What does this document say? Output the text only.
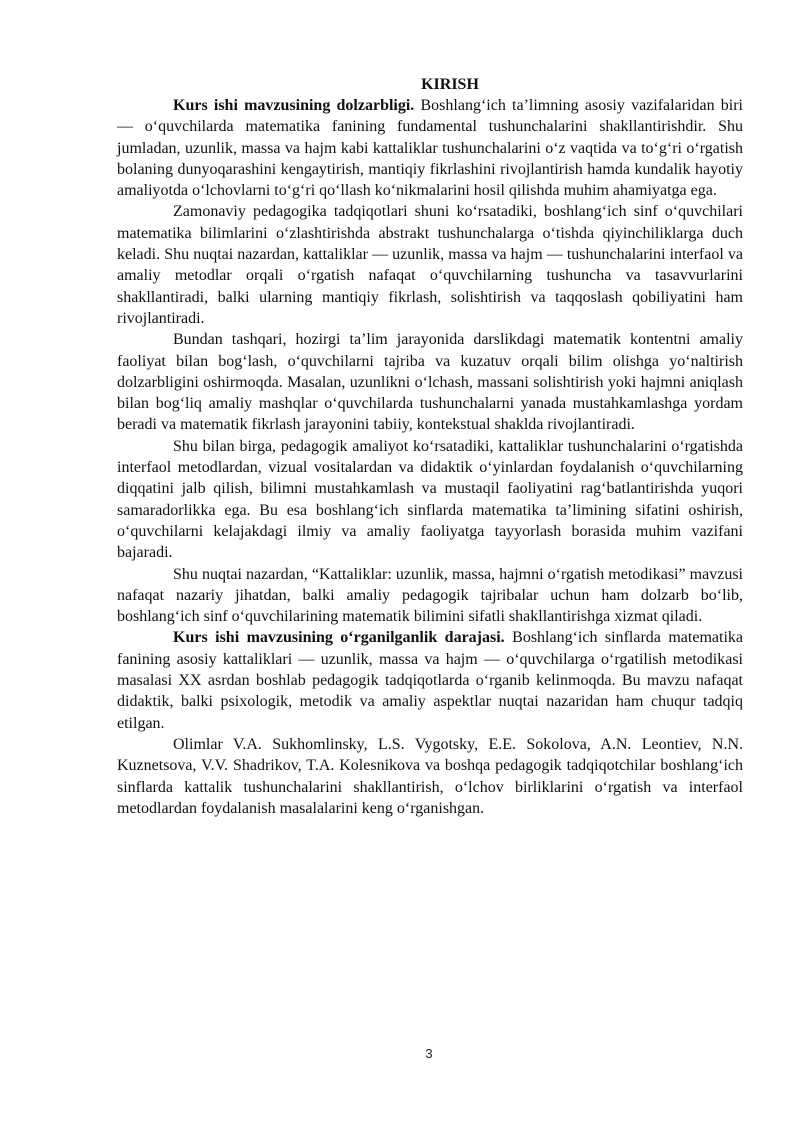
KIRISH

Kurs ishi mavzusining dolzarbligi. Boshlang‘ich ta’limning asosiy vazifalaridan biri — o‘quvchilarda matematika fanining fundamental tushunchalarini shakllantirishdir. Shu jumladan, uzunlik, massa va hajm kabi kattaliklar tushunchalarini o‘z vaqtida va to‘g‘ri o‘rgatish bolaning dunyoqarashini kengaytirish, mantiqiy fikrlashini rivojlantirish hamda kundalik hayotiy amaliyotda o‘lchovlarni to‘g‘ri qo‘llash ko‘nikmalarini hosil qilishda muhim ahamiyatga ega.

Zamonaviy pedagogika tadqiqotlari shuni ko‘rsatadiki, boshlang‘ich sinf o‘quvchilari matematika bilimlarini o‘zlashtirishda abstrakt tushunchalarga o‘tishda qiyinchiliklarga duch keladi. Shu nuqtai nazardan, kattaliklar — uzunlik, massa va hajm — tushunchalarini interfaol va amaliy metodlar orqali o‘rgatish nafaqat o‘quvchilarning tushuncha va tasavvurlarini shakllantiradi, balki ularning mantiqiy fikrlash, solishtirish va taqqoslash qobiliyatini ham rivojlantiradi.

Bundan tashqari, hozirgi ta’lim jarayonida darslikdagi matematik kontentni amaliy faoliyat bilan bog‘lash, o‘quvchilarni tajriba va kuzatuv orqali bilim olishga yo‘naltirish dolzarbligini oshirmoqda. Masalan, uzunlikni o‘lchash, massani solishtirish yoki hajmni aniqlash bilan bog‘liq amaliy mashqlar o‘quvchilarda tushunchalarni yanada mustahkamlashga yordam beradi va matematik fikrlash jarayonini tabiiy, kontekstual shaklda rivojlantiradi.

Shu bilan birga, pedagogik amaliyot ko‘rsatadiki, kattaliklar tushunchalarini o‘rgatishda interfaol metodlardan, vizual vositalardan va didaktik o‘yinlardan foydalanish o‘quvchilarning diqqatini jalb qilish, bilimni mustahkamlash va mustaqil faoliyatini rag‘batlantirishda yuqori samaradorlikka ega. Bu esa boshlang‘ich sinflarda matematika ta’limining sifatini oshirish, o‘quvchilarni kelajakdagi ilmiy va amaliy faoliyatga tayyorlash borasida muhim vazifani bajaradi.

Shu nuqtai nazardan, “Kattaliklar: uzunlik, massa, hajmni o‘rgatish metodikasi” mavzusi nafaqat nazariy jihatdan, balki amaliy pedagogik tajribalar uchun ham dolzarb bo‘lib, boshlang‘ich sinf o‘quvchilarining matematik bilimini sifatli shakllantirishga xizmat qiladi.

Kurs ishi mavzusining o‘rganilganlik darajasi. Boshlang‘ich sinflarda matematika fanining asosiy kattaliklari — uzunlik, massa va hajm — o‘quvchilarga o‘rgatilish metodikasi masalasi XX asrdan boshlab pedagogik tadqiqotlarda o‘rganib kelinmoqda. Bu mavzu nafaqat didaktik, balki psixologik, metodik va amaliy aspektlar nuqtai nazaridan ham chuqur tadqiq etilgan.

Olimlar V.A. Sukhomlinsky, L.S. Vygotsky, E.E. Sokolova, A.N. Leontiev, N.N. Kuznetsova, V.V. Shadrikov, T.A. Kolesnikova va boshqa pedagogik tadqiqotchilar boshlang‘ich sinflarda kattalik tushunchalarini shakllantirish, o‘lchov birliklarini o‘rgatish va interfaol metodlardan foydalanish masalalarini keng o‘rganishgan.

3
